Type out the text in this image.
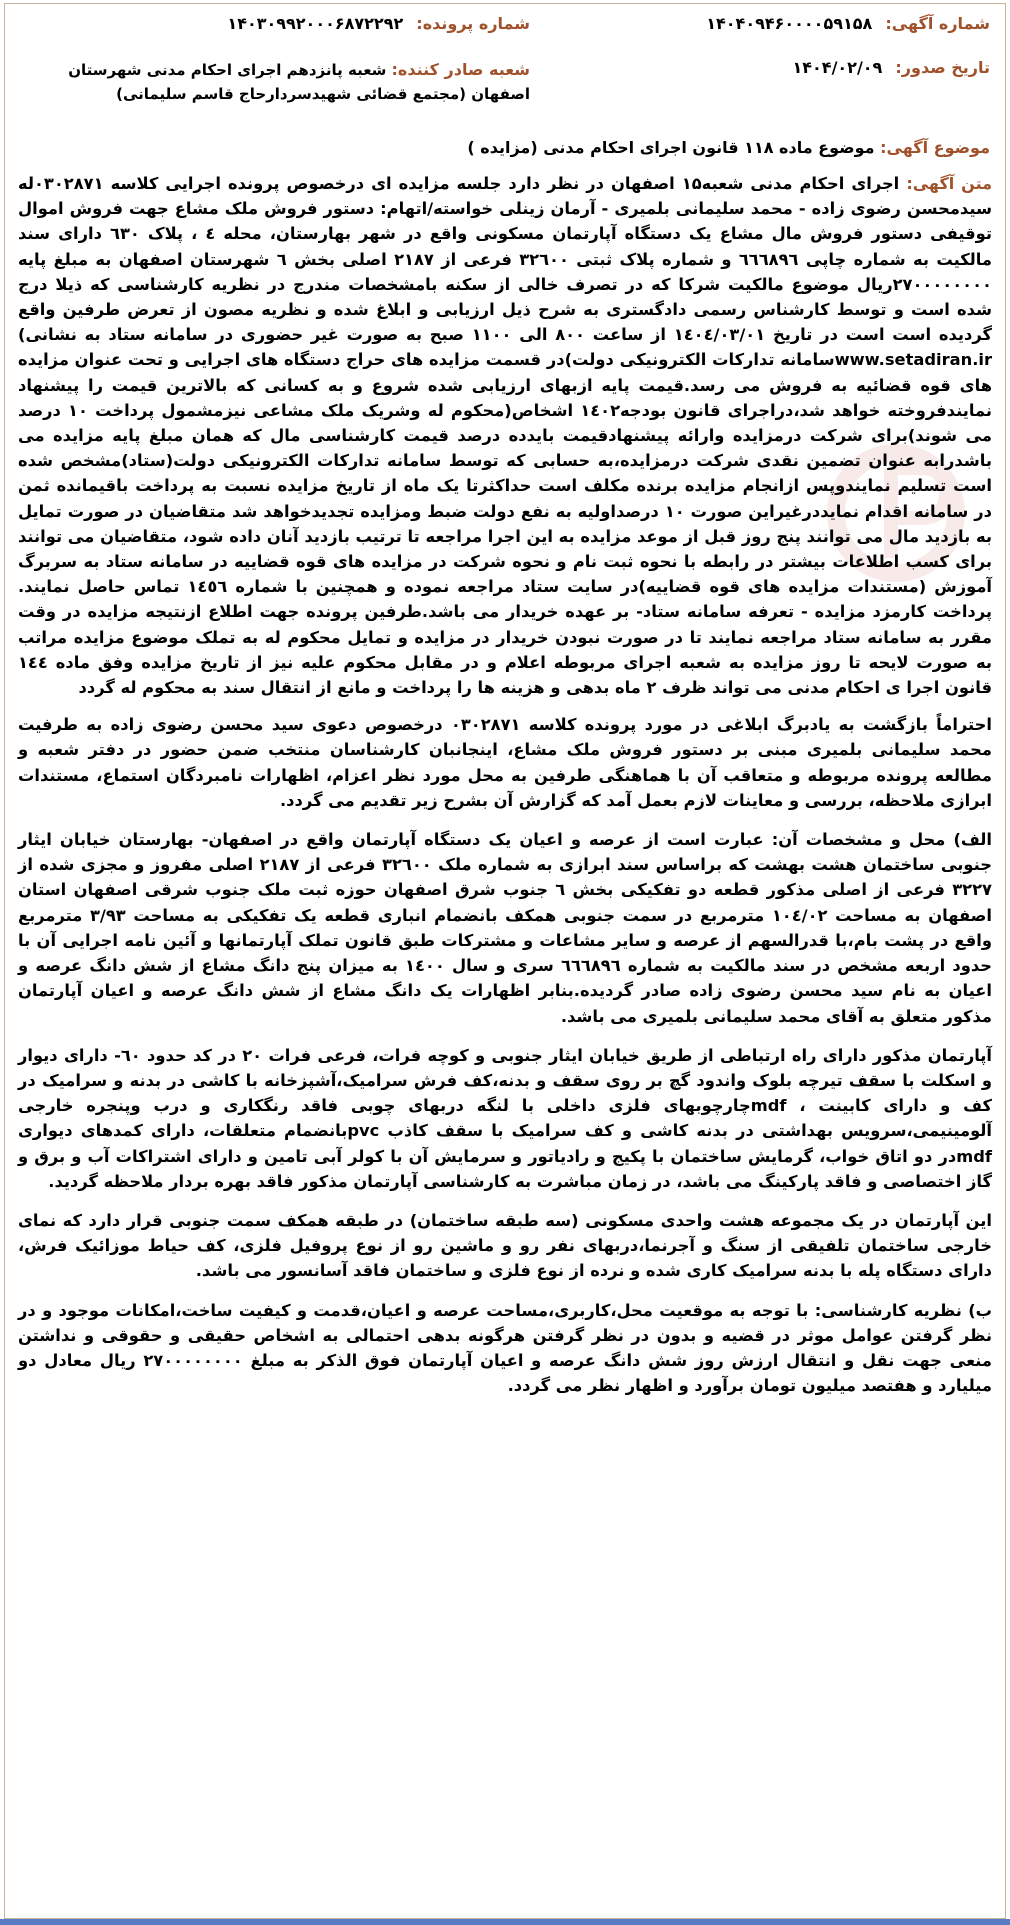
شماره آگهی: ۱۴۰۴۰۹۴۶۰۰۰۰۵۹۱۵۸
شماره پرونده: ۱۴۰۳۰۹۹۲۰۰۰۶۸۷۲۲۹۲
تاریخ صدور: ۱۴۰۴/۰۲/۰۹
شعبه صادر کننده: شعبه پانزدهم اجرای احکام مدنی شهرستان اصفهان (مجتمع قضائی شهیدسردارحاج قاسم سلیمانی)
موضوع آگهی: موضوع ماده ۱۱۸ قانون اجرای احکام مدنی (مزایده )

متن آگهی: اجرای احکام مدنی شعبه۱۵ اصفهان در نظر دارد جلسه مزایده ای درخصوص پرونده اجرایی کلاسه ۰۳۰۲۸۷۱له سیدمحسن رضوی زاده - محمد سلیمانی بلمیری - آرمان زینلی خواسته/اتهام: دستور فروش ملک مشاع جهت فروش اموال توقیفی دستور فروش مال مشاع یک دستگاه آپارتمان مسکونی واقع در شهر بهارستان، محله ٤ ، پلاک ٦۳۰ دارای سند مالکیت به شماره چاپی ٦٦٦۸۹٦ و شماره پلاک ثبتی ۳۲٦۰۰ فرعی از ۲۱۸۷ اصلی بخش ٦ شهرستان اصفهان به مبلغ پایه ۲۷۰۰۰۰۰۰۰۰ریال موضوع مالکیت شرکا که در تصرف خالی از سکنه بامشخصات مندرج در نظریه کارشناسی که ذیلا درج شده است و توسط کارشناس رسمی دادگستری به شرح ذیل ارزیابی و ابلاغ شده و نظریه مصون از تعرض طرفین واقع گردیده است است در تاریخ ۱٤۰٤/۰۳/۰۱ از ساعت ۸۰۰ الی ۱۱۰۰ صبح به صورت غیر حضوری در سامانه ستاد به نشانی) www.setadiran.irسامانه تدارکات الکترونیکی دولت)در قسمت مزایده های حراج دستگاه های اجرایی و تحت عنوان مزایده های قوه قضائیه به فروش می رسد.قیمت پایه ازبهای ارزیابی شده شروع و به کسانی که بالاترین قیمت را پیشنهاد نمایندفروخته خواهد شد،دراجرای قانون بودجه۱٤۰۲ اشخاص(محکوم له وشریک ملک مشاعی نیزمشمول پرداخت ۱۰ درصد می شوند)برای شرکت درمزایده وارائه پیشنهادقیمت بایدده درصد قیمت کارشناسی مال که همان مبلغ پایه مزایده می باشدرابه عنوان تضمین نقدی شرکت درمزایده،به حسابی که توسط سامانه تدارکات الکترونیکی دولت(ستاد)مشخص شده است تسلیم نمایندوپس ازانجام مزایده برنده مکلف است حداکثرتا یک ماه از تاریخ مزایده نسبت به پرداخت باقیمانده ثمن در سامانه اقدام نمایددرغیراین صورت ۱۰ درصداولیه به نفع دولت ضبط ومزایده تجدیدخواهد شد متقاضیان در صورت تمایل به بازدید مال می توانند پنج روز قبل از موعد مزایده به این اجرا مراجعه تا ترتیب بازدید آنان داده شود، متقاضیان می توانند برای کسب اطلاعات بیشتر در رابطه با نحوه ثبت نام و نحوه شرکت در مزایده های قوه قضاییه در سامانه ستاد به سربرگ آموزش (مستندات مزایده های قوه قضاییه)در سایت ستاد مراجعه نموده و همچنین با شماره ۱٤٥٦ تماس حاصل نمایند. پرداخت کارمزد مزایده - تعرفه سامانه ستاد- بر عهده خریدار می باشد.طرفین پرونده جهت اطلاع ازنتیجه مزایده در وقت مقرر به سامانه ستاد مراجعه نمایند تا در صورت نبودن خریدار در مزایده و تمایل محکوم له به تملک موضوع مزایده مراتب به صورت لایحه تا روز مزایده به شعبه اجرای مربوطه اعلام و در مقابل محکوم علیه نیز از تاریخ مزایده وفق ماده ۱٤٤ قانون اجرا ی احکام مدنی می تواند ظرف ۲ ماه بدهی و هزینه ها را پرداخت و مانع از انتقال سند به محکوم له گردد

احتراماً بازگشت به یادبرگ ابلاغی در مورد پرونده کلاسه ۰۳۰۲۸۷۱ درخصوص دعوی سید محسن رضوی زاده به طرفیت محمد سلیمانی بلمیری مبنی بر دستور فروش ملک مشاع، اینجانبان کارشناسان منتخب ضمن حضور در دفتر شعبه و مطالعه پرونده مربوطه و متعاقب آن با هماهنگی طرفین به محل مورد نظر اعزام، اظهارات نامبردگان استماع، مستندات ابرازی ملاحظه، بررسی و معاینات لازم بعمل آمد که گزارش آن بشرح زیر تقدیم می گردد.

الف) محل و مشخصات آن: عبارت است از عرصه و اعیان یک دستگاه آپارتمان واقع در اصفهان- بهارستان خیابان ایثار جنوبی ساختمان هشت بهشت که براساس سند ابرازی به شماره ملک ۳۲٦۰۰ فرعی از ۲۱۸۷ اصلی مفروز و مجزی شده از ۳۲۲۷ فرعی از اصلی مذکور قطعه دو تفکیکی بخش ٦ جنوب شرق اصفهان حوزه ثبت ملک جنوب شرقی اصفهان استان اصفهان به مساحت ۱۰٤/۰۲ مترمربع در سمت جنوبی همکف بانضمام انباری قطعه یک تفکیکی به مساحت ۳/۹۳ مترمربع واقع در پشت بام،با قدرالسهم از عرصه و سایر مشاعات و مشترکات طبق قانون تملک آپارتمانها و آئین نامه اجرایی آن با حدود اربعه مشخص در سند مالکیت به شماره ٦٦٦۸۹٦ سری و سال ۱٤۰۰ به میزان پنج دانگ مشاع از شش دانگ عرصه و اعیان به نام سید محسن رضوی زاده صادر گردیده.بنابر اظهارات یک دانگ مشاع از شش دانگ عرصه و اعیان آپارتمان مذکور متعلق به آقای محمد سلیمانی بلمیری می باشد.

آپارتمان مذکور دارای راه ارتباطی از طریق خیابان ایثار جنوبی و کوچه فرات، فرعی فرات ۲۰ در کد حدود ٦۰- دارای دیوار و اسکلت با سقف تیرچه بلوک واندود گچ بر روی سقف و بدنه،کف فرش سرامیک،آشپزخانه با کاشی در بدنه و سرامیک در کف و دارای کابینت ، mdfچارچوبهای فلزی داخلی با لنگه دربهای چوبی فاقد رنگکاری و درب وپنجره خارجی آلومینیمی،سرویس بهداشتی در بدنه کاشی و کف سرامیک با سقف کاذب pvcبانضمام متعلقات، دارای کمدهای دیواری mdfدر دو اتاق خواب، گرمایش ساختمان با پکیج و رادیاتور و سرمایش آن با کولر آبی تامین و دارای اشتراکات آب و برق و گاز اختصاصی و فاقد پارکینگ می باشد، در زمان مباشرت به کارشناسی آپارتمان مذکور فاقد بهره بردار ملاحظه گردید.

این آپارتمان در یک مجموعه هشت واحدی مسکونی (سه طبقه ساختمان) در طبقه همکف سمت جنوبی قرار دارد که نمای خارجی ساختمان تلفیقی از سنگ و آجرنما،دربهای نفر رو و ماشین رو از نوع پروفیل فلزی، کف حیاط موزائیک فرش، دارای دستگاه پله با بدنه سرامیک کاری شده و نرده از نوع فلزی و ساختمان فاقد آسانسور می باشد.

ب) نظریه کارشناسی: با توجه به موقعیت محل،کاربری،مساحت عرصه و اعیان،قدمت و کیفیت ساخت،امکانات موجود و در نظر گرفتن عوامل موثر در قضیه و بدون در نظر گرفتن هرگونه بدهی احتمالی به اشخاص حقیقی و حقوقی و نداشتن منعی جهت نقل و انتقال ارزش روز شش دانگ عرصه و اعیان آپارتمان فوق الذکر به مبلغ ۲۷۰۰۰۰۰۰۰۰ ریال معادل دو میلیارد و هفتصد میلیون تومان برآورد و اظهار نظر می گردد.
